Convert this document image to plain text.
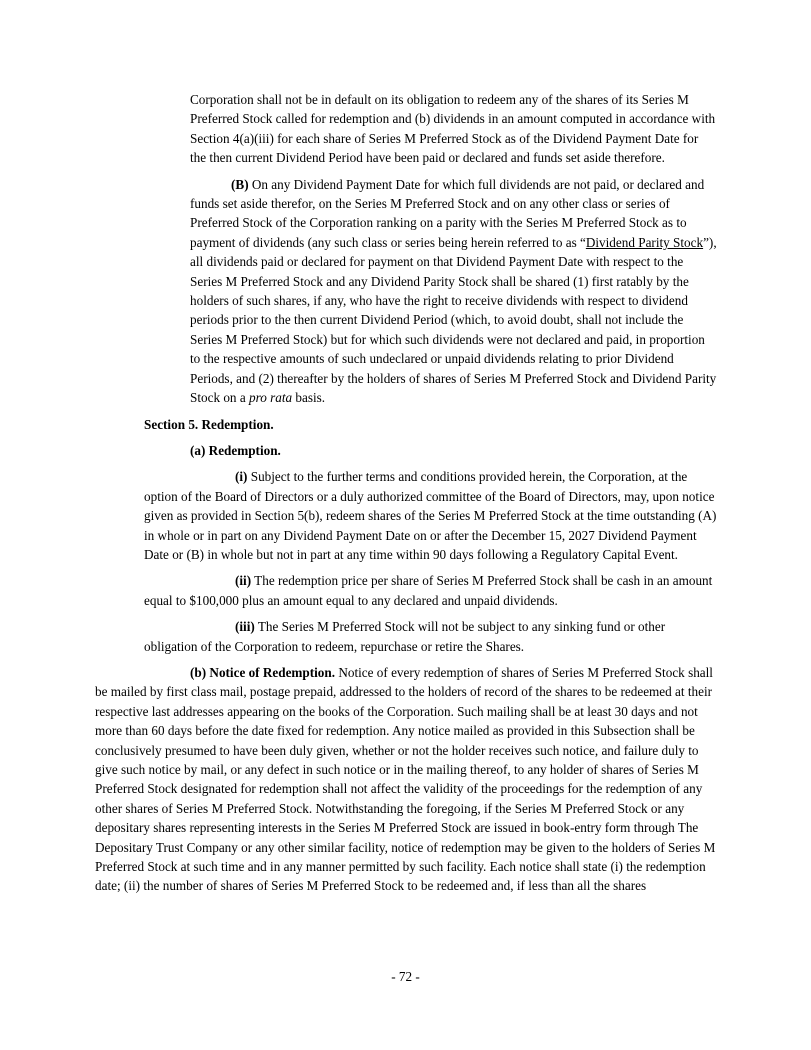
Corporation shall not be in default on its obligation to redeem any of the shares of its Series M Preferred Stock called for redemption and (b) dividends in an amount computed in accordance with Section 4(a)(iii) for each share of Series M Preferred Stock as of the Dividend Payment Date for the then current Dividend Period have been paid or declared and funds set aside therefore.

(B) On any Dividend Payment Date for which full dividends are not paid, or declared and funds set aside therefor, on the Series M Preferred Stock and on any other class or series of Preferred Stock of the Corporation ranking on a parity with the Series M Preferred Stock as to payment of dividends (any such class or series being herein referred to as “Dividend Parity Stock”), all dividends paid or declared for payment on that Dividend Payment Date with respect to the Series M Preferred Stock and any Dividend Parity Stock shall be shared (1) first ratably by the holders of such shares, if any, who have the right to receive dividends with respect to dividend periods prior to the then current Dividend Period (which, to avoid doubt, shall not include the Series M Preferred Stock) but for which such dividends were not declared and paid, in proportion to the respective amounts of such undeclared or unpaid dividends relating to prior Dividend Periods, and (2) thereafter by the holders of shares of Series M Preferred Stock and Dividend Parity Stock on a pro rata basis.

Section 5. Redemption.

(a) Redemption.

(i) Subject to the further terms and conditions provided herein, the Corporation, at the option of the Board of Directors or a duly authorized committee of the Board of Directors, may, upon notice given as provided in Section 5(b), redeem shares of the Series M Preferred Stock at the time outstanding (A) in whole or in part on any Dividend Payment Date on or after the December 15, 2027 Dividend Payment Date or (B) in whole but not in part at any time within 90 days following a Regulatory Capital Event.

(ii) The redemption price per share of Series M Preferred Stock shall be cash in an amount equal to $100,000 plus an amount equal to any declared and unpaid dividends.

(iii) The Series M Preferred Stock will not be subject to any sinking fund or other obligation of the Corporation to redeem, repurchase or retire the Shares.

(b) Notice of Redemption. Notice of every redemption of shares of Series M Preferred Stock shall be mailed by first class mail, postage prepaid, addressed to the holders of record of the shares to be redeemed at their respective last addresses appearing on the books of the Corporation. Such mailing shall be at least 30 days and not more than 60 days before the date fixed for redemption. Any notice mailed as provided in this Subsection shall be conclusively presumed to have been duly given, whether or not the holder receives such notice, and failure duly to give such notice by mail, or any defect in such notice or in the mailing thereof, to any holder of shares of Series M Preferred Stock designated for redemption shall not affect the validity of the proceedings for the redemption of any other shares of Series M Preferred Stock. Notwithstanding the foregoing, if the Series M Preferred Stock or any depositary shares representing interests in the Series M Preferred Stock are issued in book-entry form through The Depositary Trust Company or any other similar facility, notice of redemption may be given to the holders of Series M Preferred Stock at such time and in any manner permitted by such facility. Each notice shall state (i) the redemption date; (ii) the number of shares of Series M Preferred Stock to be redeemed and, if less than all the shares

- 72 -
